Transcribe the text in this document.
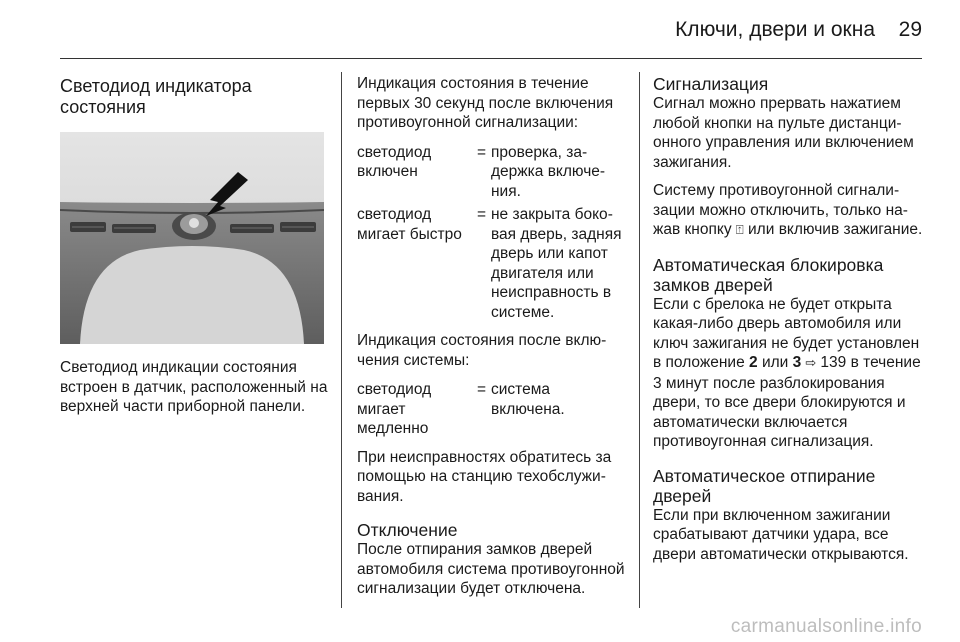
Ключи, двери и окна 29
Светодиод индикатора
состояния

Светодиод индикации состояния встроен в датчик, расположенный на верхней части приборной панели.

Индикация состояния в течение первых 30 секунд после включения противоугонной сигнализации:

светодиод включен
= проверка, задержка включения.
светодиод мигает быстро
= не закрыта боковая дверь, задняя дверь или капот двигателя или неисправность в системе.

Индикация состояния после включения системы:

светодиод мигает медленно
= система включена.

При неисправностях обратитесь за помощью на станцию техобслуживания.

Отключение

После отпирания замков дверей автомобиля система противоугонной сигнализации будет отключена.

Сигнализация

Сигнал можно прервать нажатием любой кнопки на пульте дистанционного управления или включением зажигания.

Систему противоугонной сигнализации можно отключить, только нажав кнопку ⍐ или включив зажигание.

Автоматическая блокировка замков дверей

Если с брелока не будет открыта какая-либо дверь автомобиля или ключ зажигания не будет установлен в положение 2 или 3 ⇨ 139 в течение 3 минут после разблокирования двери, то все двери блокируются и автоматически включается противоугонная сигнализация.

Автоматическое отпирание дверей

Если при включенном зажигании срабатывают датчики удара, все двери автоматически открываются.

carmanualsonline.info
